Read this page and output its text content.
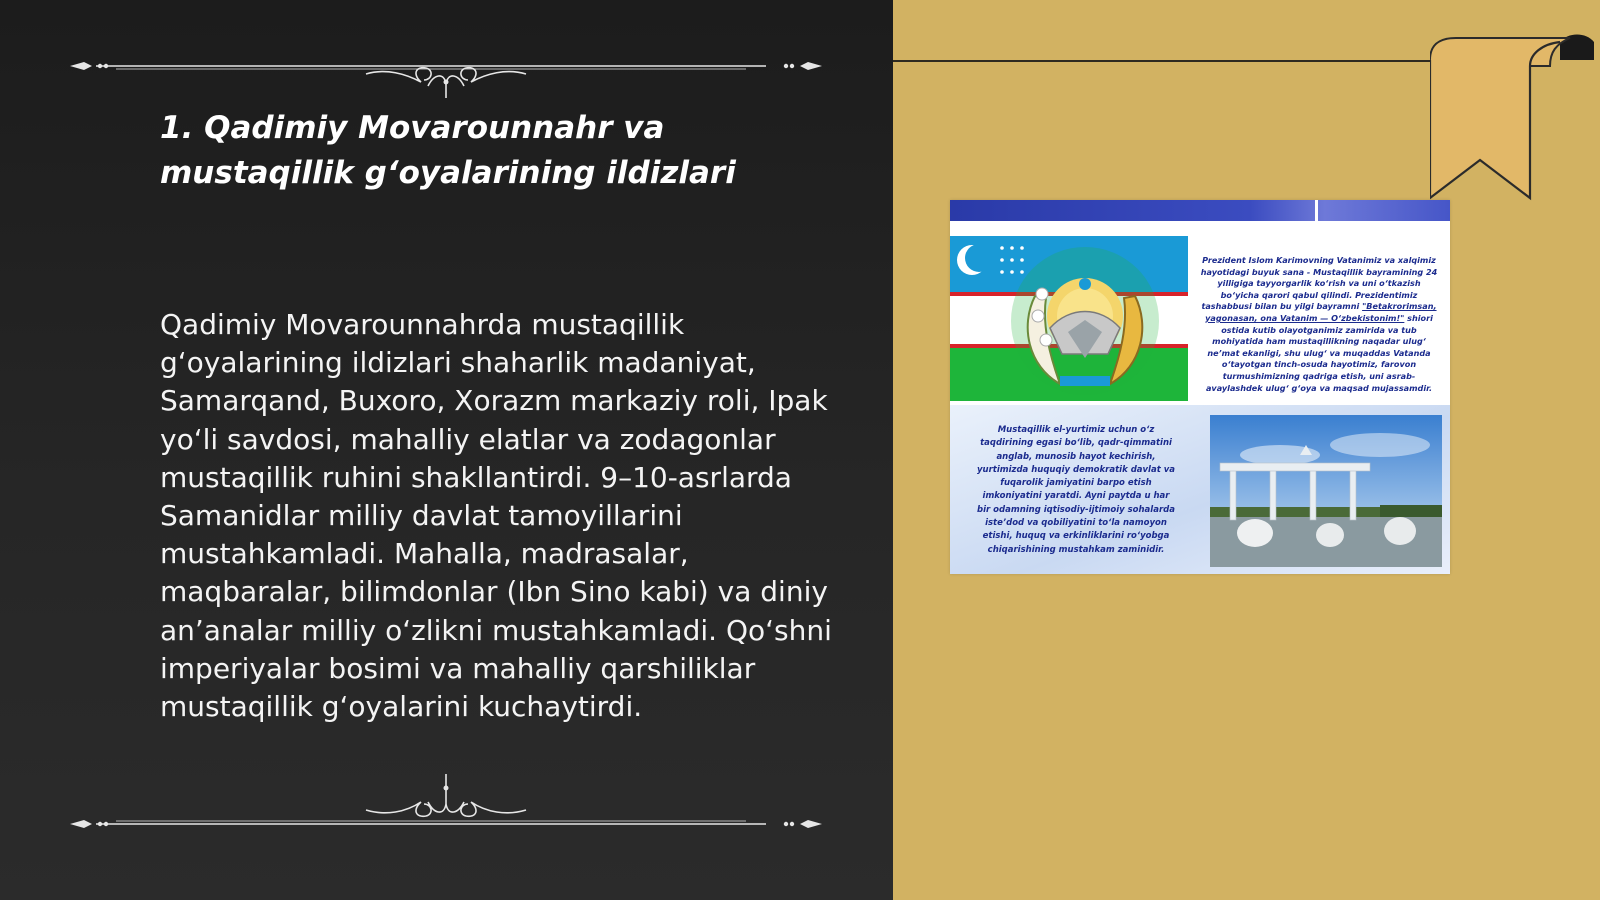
1. Qadimiy Movarounnahr va mustaqillik g‘oyalarining ildizlari

Qadimiy Movarounnahrda mustaqillik g‘oyalarining ildizlari shaharlik madaniyat, Samarqand, Buxoro, Xorazm markaziy roli, Ipak yo‘li savdosi, mahalliy elatlar va zodagonlar mustaqillik ruhini shakllantirdi. 9–10-asrlarda Samanidlar milliy davlat tamoyillarini mustahkamladi. Mahalla, madrasalar, maqbaralar, bilimdonlar (Ibn Sino kabi) va diniy an’analar milliy o‘zlikni mustahkamladi. Qo‘shni imperiyalar bosimi va mahalliy qarshiliklar mustaqillik g‘oyalarini kuchaytirdi.

Prezident Islom Karimovning Vatanimiz va xalqimiz hayotidagi buyuk sana - Mustaqillik bayramining 24 yilligiga tayyorgarlik ko‘rish va uni o‘tkazish bo‘yicha qarori qabul qilindi. Prezidentimiz tashabbusi bilan bu yilgi bayramni "Betakrorimsan, yagonasan, ona Vatanim — O‘zbekistonim!" shiori ostida kutib olayotganimiz zamirida va tub mohiyatida ham mustaqillikning naqadar ulug‘ ne’mat ekanligi, shu ulug‘ va muqaddas Vatanda o‘tayotgan tinch-osuda hayotimiz, farovon turmushimizning qadriga etish, uni asrab-avaylashdek ulug‘ g‘oya va maqsad mujassamdir.

Mustaqillik el-yurtimiz uchun o‘z taqdirining egasi bo‘lib, qadr-qimmatini anglab, munosib hayot kechirish, yurtimizda huquqiy demokratik davlat va fuqarolik jamiyatini barpo etish imkoniyatini yaratdi. Ayni paytda u har bir odamning iqtisodiy-ijtimoiy sohalarda iste’dod va qobiliyatini to‘la namoyon etishi, huquq va erkinliklarini ro‘yobga chiqarishining mustahkam zaminidir.
